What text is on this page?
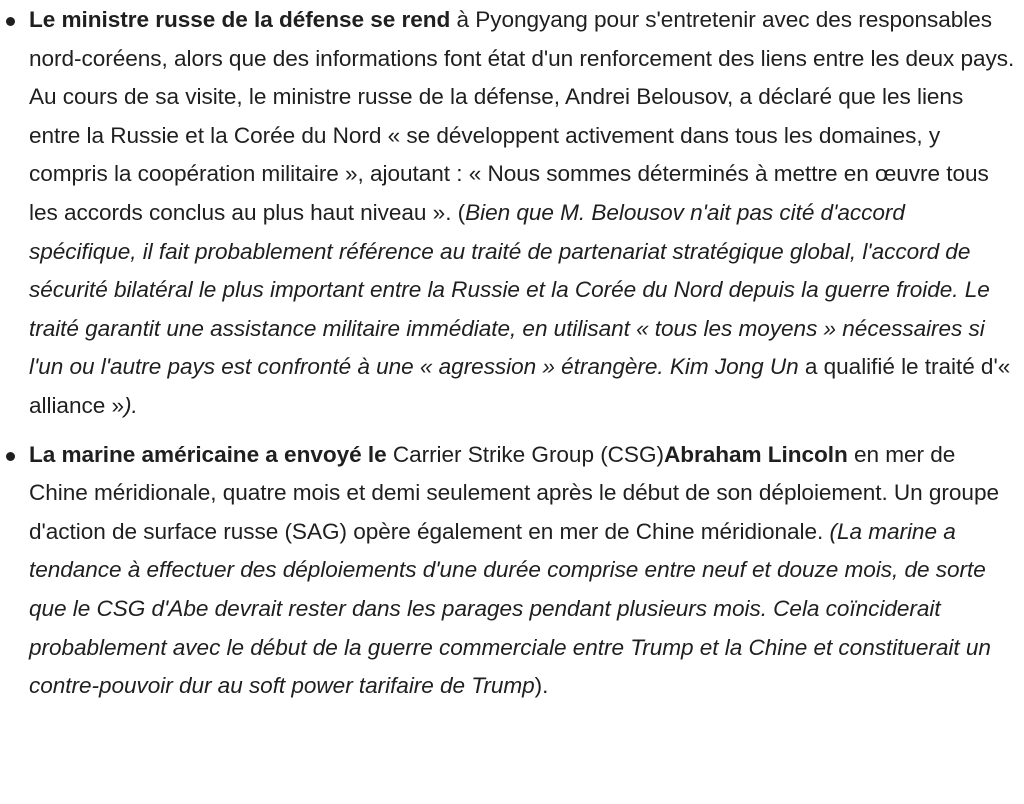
Le ministre russe de la défense se rend à Pyongyang pour s'entretenir avec des responsables nord-coréens, alors que des informations font état d'un renforcement des liens entre les deux pays. Au cours de sa visite, le ministre russe de la défense, Andrei Belousov, a déclaré que les liens entre la Russie et la Corée du Nord « se développent activement dans tous les domaines, y compris la coopération militaire », ajoutant : « Nous sommes déterminés à mettre en œuvre tous les accords conclus au plus haut niveau ». (Bien que M. Belousov n'ait pas cité d'accord spécifique, il fait probablement référence au traité de partenariat stratégique global, l'accord de sécurité bilatéral le plus important entre la Russie et la Corée du Nord depuis la guerre froide. Le traité garantit une assistance militaire immédiate, en utilisant « tous les moyens » nécessaires si l'un ou l'autre pays est confronté à une « agression » étrangère. Kim Jong Un a qualifié le traité d'« alliance »).
La marine américaine a envoyé le Carrier Strike Group (CSG)Abraham Lincoln en mer de Chine méridionale, quatre mois et demi seulement après le début de son déploiement. Un groupe d'action de surface russe (SAG) opère également en mer de Chine méridionale. (La marine a tendance à effectuer des déploiements d'une durée comprise entre neuf et douze mois, de sorte que le CSG d'Abe devrait rester dans les parages pendant plusieurs mois. Cela coïnciderait probablement avec le début de la guerre commerciale entre Trump et la Chine et constituerait un contre-pouvoir dur au soft power tarifaire de Trump).
